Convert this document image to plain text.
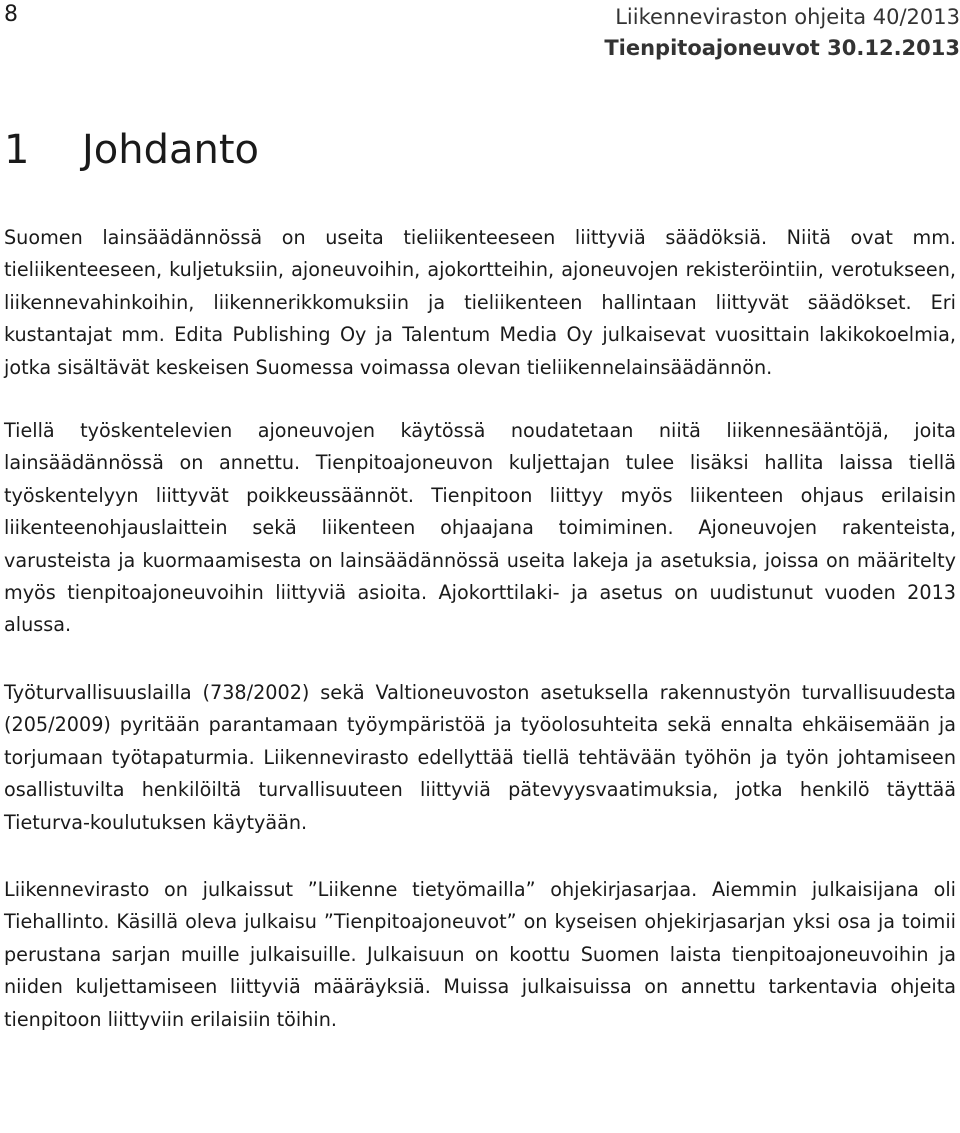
8	Liikenneviraston ohjeita 40/2013
Tienpitoajoneuvot 30.12.2013
1 Johdanto

Suomen lainsäädännössä on useita tieliikenteeseen liittyviä säädöksiä. Niitä ovat mm. tieliikenteeseen, kuljetuksiin, ajoneuvoihin, ajokortteihin, ajoneuvojen rekisteröintiin, verotukseen, liikennevahinkoihin, liikennerikkomuksiin ja tieliikenteen hallintaan liittyvät säädökset. Eri kustantajat mm. Edita Publishing Oy ja Talentum Media Oy julkaisevat vuosittain lakikokoelmia, jotka sisältävät keskeisen Suomessa voimassa olevan tieliikennelainsäädännön.

Tiellä työskentelevien ajoneuvojen käytössä noudatetaan niitä liikennesääntöjä, joita lainsäädännössä on annettu. Tienpitoajoneuvon kuljettajan tulee lisäksi hallita laissa tiellä työskentelyyn liittyvät poikkeussäännöt. Tienpitoon liittyy myös liikenteen ohjaus erilaisin liikenteenohjauslaittein sekä liikenteen ohjaajana toimiminen. Ajoneuvojen rakenteista, varusteista ja kuormaamisesta on lainsäädännössä useita lakeja ja asetuksia, joissa on määritelty myös tienpitoajoneuvoihin liittyviä asioita. Ajokorttilaki- ja asetus on uudistunut vuoden 2013 alussa.

Työturvallisuuslailla (738/2002) sekä Valtioneuvoston asetuksella rakennustyön turvallisuudesta (205/2009) pyritään parantamaan työympäristöä ja työolosuhteita sekä ennalta ehkäisemään ja torjumaan työtapaturmia. Liikennevirasto edellyttää tiellä tehtävään työhön ja työn johtamiseen osallistuvilta henkilöiltä turvallisuuteen liittyviä pätevyysvaatimuksia, jotka henkilö täyttää Tieturva-koulutuksen käytyään.

Liikennevirasto on julkaissut ”Liikenne tietyömailla” ohjekirjasarjaa. Aiemmin julkaisijana oli Tiehallinto. Käsillä oleva julkaisu ”Tienpitoajoneuvot” on kyseisen ohjekirjasarjan yksi osa ja toimii perustana sarjan muille julkaisuille. Julkaisuun on koottu Suomen laista tienpitoajoneuvoihin ja niiden kuljettamiseen liittyviä määräyksiä. Muissa julkaisuissa on annettu tarkentavia ohjeita tienpitoon liittyviin erilaisiin töihin.
